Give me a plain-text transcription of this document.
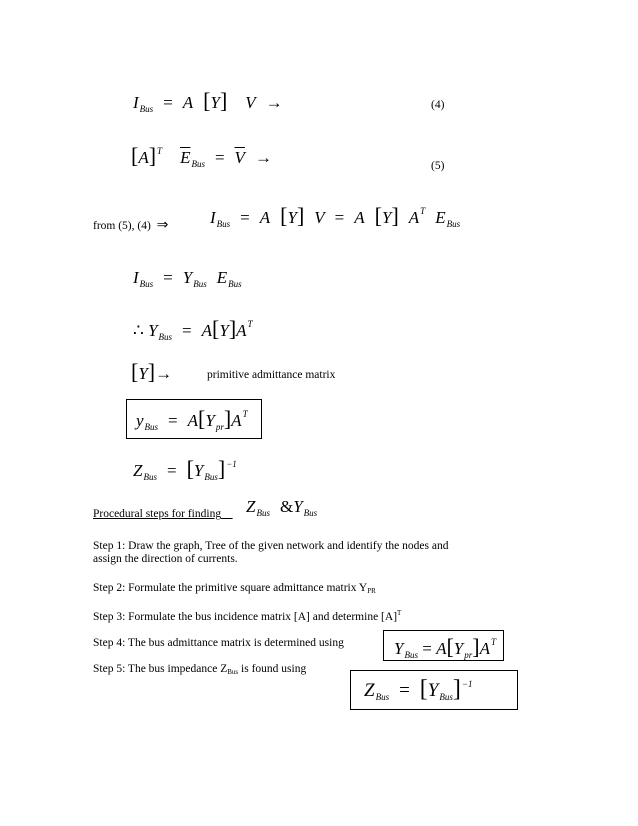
$I_{Bus} = A$ [Y] V →	(4)
$[A]^T$ $\overline{E}_{Bus} = \overline{V}$ →	(5)
from (5), (4) ⇒ $I_{Bus} = A$ [Y] V = A [Y] $A^T$ $E_{Bus}$
$I_{Bus} = Y_{Bus}$ $E_{Bus}$
∴ $Y_{Bus} = A[Y]A^T$
[Y]→	primitive admittance matrix
$y_{Bus} = A[Y_{pr}]A^T$
$Z_{Bus} = [Y_{Bus}]^{-1}$
Procedural steps for finding	$Z_{Bus}$ $\&Y_{Bus}$
Step 1: Draw the graph, Tree of the given network and identify the nodes and
assign the direction of currents.
Step 2: Formulate the primitive square admittance matrix YPR
Step 3: Formulate the bus incidence matrix [A] and determine $[A]^T$
Step 4: The bus admittance matrix is determined using	$Y_{Bus} = A[Y_{pr}]A^T$
Step 5: The bus impedance ZBus is found using
$Z_{Bus} = [Y_{Bus}]^{-1}$
